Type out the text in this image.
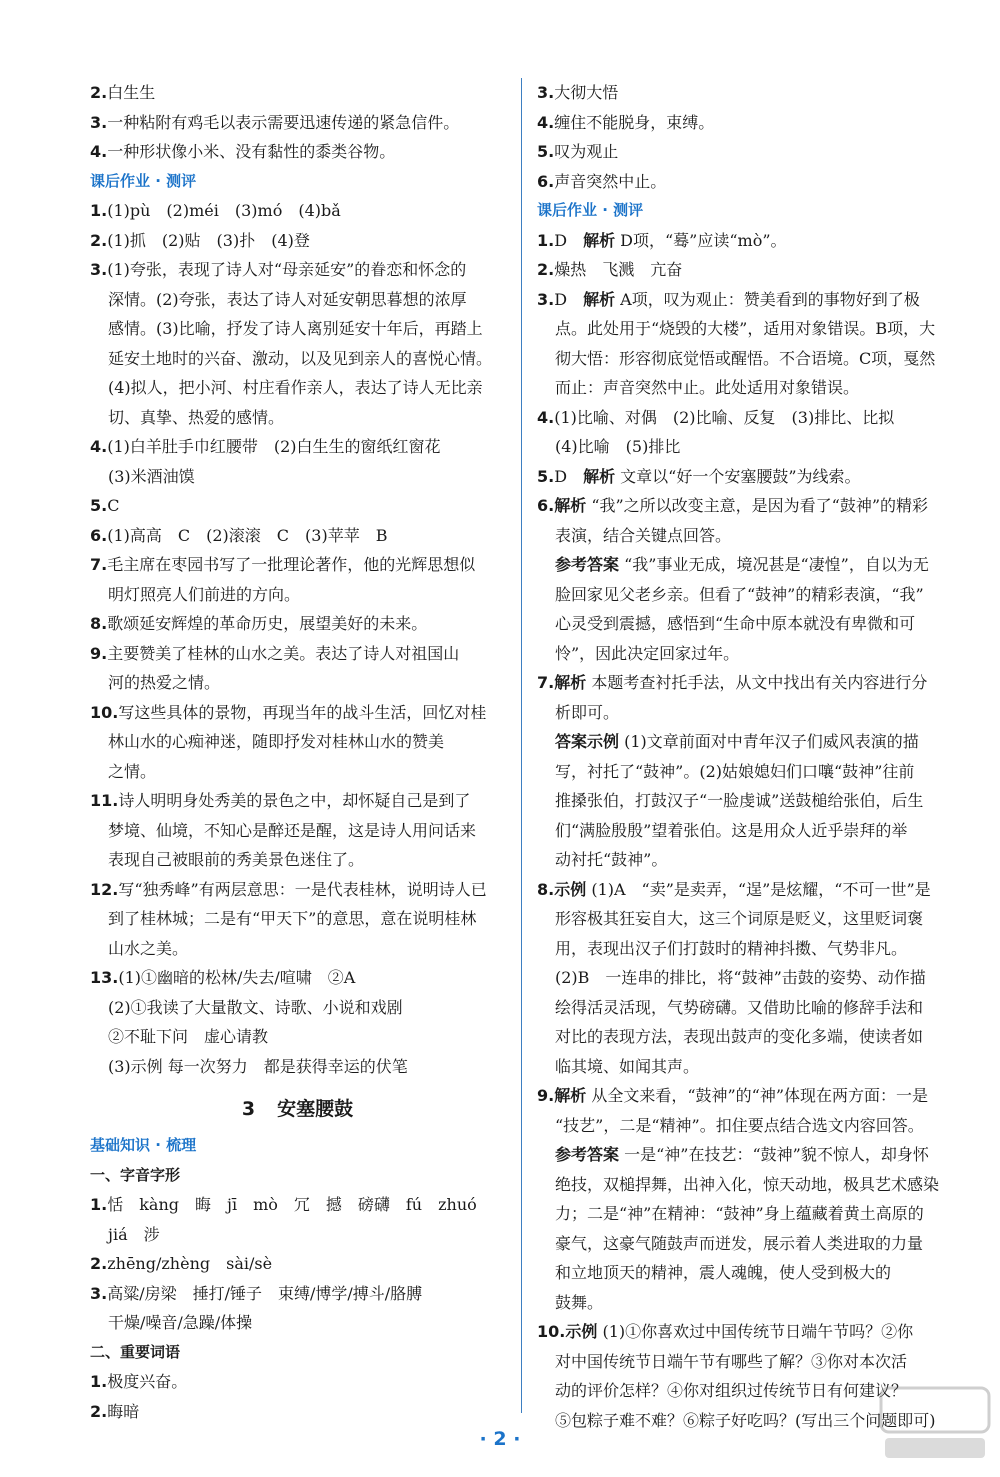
2.白生生
3.一种粘附有鸡毛以表示需要迅速传递的紧急信件。
4.一种形状像小米、没有黏性的黍类谷物。
课后作业 · 测评
1.(1)pù　(2)méi　(3)mó　(4)bǎ
2.(1)抓　(2)贴　(3)扑　(4)登
3.(1)夸张，表现了诗人对“母亲延安”的眷恋和怀念的
深情。(2)夸张，表达了诗人对延安朝思暮想的浓厚
感情。(3)比喻，抒发了诗人离别延安十年后，再踏上
延安土地时的兴奋、激动，以及见到亲人的喜悦心情。
(4)拟人，把小河、村庄看作亲人，表达了诗人无比亲
切、真挚、热爱的感情。
4.(1)白羊肚手巾红腰带　(2)白生生的窗纸红窗花
(3)米酒油馍
5.C
6.(1)高高　C　(2)滚滚　C　(3)苹苹　B
7.毛主席在枣园书写了一批理论著作，他的光辉思想似
明灯照亮人们前进的方向。
8.歌颂延安辉煌的革命历史，展望美好的未来。
9.主要赞美了桂林的山水之美。表达了诗人对祖国山
河的热爱之情。
10.写这些具体的景物，再现当年的战斗生活，回忆对桂
林山水的心痴神迷，随即抒发对桂林山水的赞美
之情。
11.诗人明明身处秀美的景色之中，却怀疑自己是到了
梦境、仙境，不知心是醉还是醒，这是诗人用问话来
表现自己被眼前的秀美景色迷住了。
12.写“独秀峰”有两层意思：一是代表桂林，说明诗人已
到了桂林城；二是有“甲天下”的意思，意在说明桂林
山水之美。
13.(1)①幽暗的松林/失去/喧啸　②A
(2)①我读了大量散文、诗歌、小说和戏剧
②不耻下问　虚心请教
(3)示例 每一次努力　都是获得幸运的伏笔
3 安塞腰鼓
基础知识 · 梳理
一、字音字形
1.恬　kàng　晦　jī　mò　冗　撼　磅礴　fú　zhuó
jiá　涉
2.zhēng/zhèng　sài/sè
3.高粱/房梁　捶打/锤子　束缚/博学/搏斗/胳膊
干燥/噪音/急躁/体操
二、重要词语
1.极度兴奋。
2.晦暗
3.大彻大悟
4.缠住不能脱身，束缚。
5.叹为观止
6.声音突然中止。
课后作业 · 测评
1.D　解析 D项，“蓦”应读“mò”。
2.燥热　飞溅　亢奋
3.D　解析 A项，叹为观止：赞美看到的事物好到了极
点。此处用于“烧毁的大楼”，适用对象错误。B项，大
彻大悟：形容彻底觉悟或醒悟。不合语境。C项，戛然
而止：声音突然中止。此处适用对象错误。
4.(1)比喻、对偶　(2)比喻、反复　(3)排比、比拟
(4)比喻　(5)排比
5.D　解析 文章以“好一个安塞腰鼓”为线索。
6.解析 “我”之所以改变主意，是因为看了“鼓神”的精彩
表演，结合关键点回答。
参考答案 “我”事业无成，境况甚是“凄惶”，自以为无
脸回家见父老乡亲。但看了“鼓神”的精彩表演，“我”
心灵受到震撼，感悟到“生命中原本就没有卑微和可
怜”，因此决定回家过年。
7.解析 本题考查衬托手法，从文中找出有关内容进行分
析即可。
答案示例 (1)文章前面对中青年汉子们威风表演的描
写，衬托了“鼓神”。(2)姑娘媳妇们口嚷“鼓神”往前
推搡张伯，打鼓汉子“一脸虔诚”送鼓槌给张伯，后生
们“满脸殷殷”望着张伯。这是用众人近乎崇拜的举
动衬托“鼓神”。
8.示例 (1)A　“卖”是卖弄，“逞”是炫耀，“不可一世”是
形容极其狂妄自大，这三个词原是贬义，这里贬词褒
用，表现出汉子们打鼓时的精神抖擞、气势非凡。
(2)B　一连串的排比，将“鼓神”击鼓的姿势、动作描
绘得活灵活现，气势磅礴。又借助比喻的修辞手法和
对比的表现方法，表现出鼓声的变化多端，使读者如
临其境、如闻其声。
9.解析 从全文来看，“鼓神”的“神”体现在两方面：一是
“技艺”，二是“精神”。扣住要点结合选文内容回答。
参考答案 一是“神”在技艺：“鼓神”貌不惊人，却身怀
绝技，双槌捍舞，出神入化，惊天动地，极具艺术感染
力；二是“神”在精神：“鼓神”身上蕴藏着黄土高原的
豪气，这豪气随鼓声而迸发，展示着人类进取的力量
和立地顶天的精神，震人魂魄，使人受到极大的
鼓舞。
10.示例 (1)①你喜欢过中国传统节日端午节吗？②你
对中国传统节日端午节有哪些了解？③你对本次活
动的评价怎样？④你对组织过传统节日有何建议？
⑤包粽子难不难？⑥粽子好吃吗？(写出三个问题即可)
· 2 ·
